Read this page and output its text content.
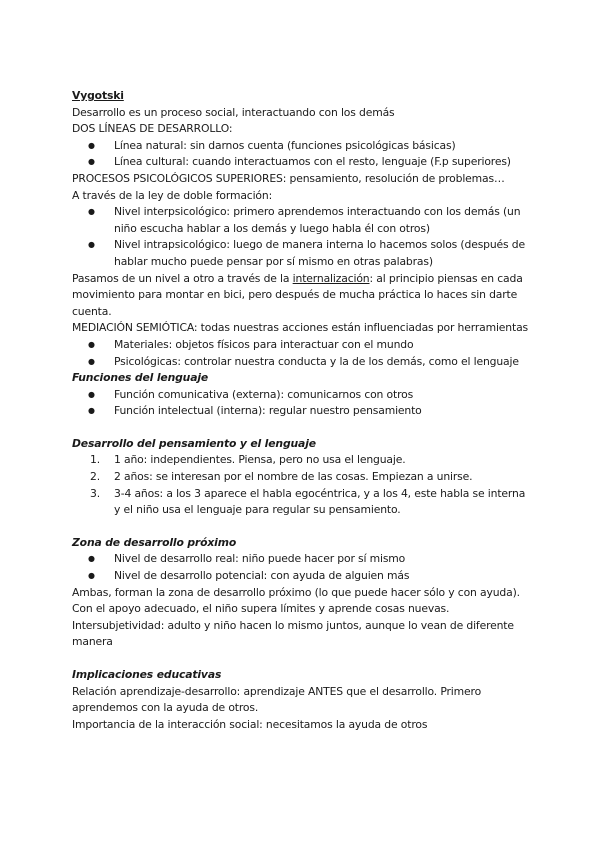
Vygotski

Desarrollo es un proceso social, interactuando con los demás

DOS LÍNEAS DE DESARROLLO:

● Línea natural: sin darnos cuenta (funciones psicológicas básicas)
● Línea cultural: cuando interactuamos con el resto, lenguaje (F.p superiores)

PROCESOS PSICOLÓGICOS SUPERIORES: pensamiento, resolución de problemas…

A través de la ley de doble formación:

● Nivel interpsicológico: primero aprendemos interactuando con los demás (un niño escucha hablar a los demás y luego habla él con otros)
● Nivel intrapsicológico: luego de manera interna lo hacemos solos (después de hablar mucho puede pensar por sí mismo en otras palabras)

Pasamos de un nivel a otro a través de la internalización: al principio piensas en cada movimiento para montar en bici, pero después de mucha práctica lo haces sin darte cuenta.

MEDIACIÓN SEMIÓTICA: todas nuestras acciones están influenciadas por herramientas

● Materiales: objetos físicos para interactuar con el mundo
● Psicológicas: controlar nuestra conducta y la de los demás, como el lenguaje

Funciones del lenguaje

● Función comunicativa (externa): comunicarnos con otros
● Función intelectual (interna): regular nuestro pensamiento

Desarrollo del pensamiento y el lenguaje

1. 1 año: independientes. Piensa, pero no usa el lenguaje.
2. 2 años: se interesan por el nombre de las cosas. Empiezan a unirse.
3. 3-4 años: a los 3 aparece el habla egocéntrica, y a los 4, este habla se interna y el niño usa el lenguaje para regular su pensamiento.

Zona de desarrollo próximo

● Nivel de desarrollo real: niño puede hacer por sí mismo
● Nivel de desarrollo potencial: con ayuda de alguien más

Ambas, forman la zona de desarrollo próximo (lo que puede hacer sólo y con ayuda). Con el apoyo adecuado, el niño supera límites y aprende cosas nuevas.

Intersubjetividad: adulto y niño hacen lo mismo juntos, aunque lo vean de diferente manera

Implicaciones educativas

Relación aprendizaje-desarrollo: aprendizaje ANTES que el desarrollo. Primero aprendemos con la ayuda de otros.

Importancia de la interacción social: necesitamos la ayuda de otros
